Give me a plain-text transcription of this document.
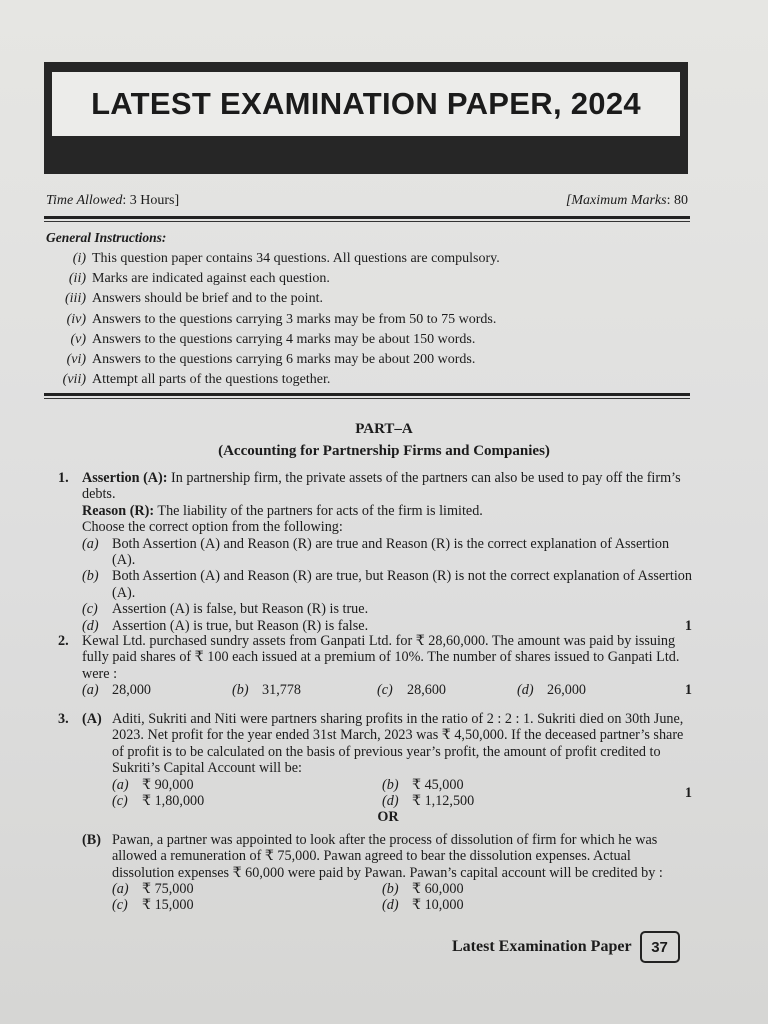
LATEST EXAMINATION PAPER, 2024
Time Allowed: 3 Hours]	[Maximum Marks: 80
General Instructions:
(i) This question paper contains 34 questions. All questions are compulsory.
(ii) Marks are indicated against each question.
(iii) Answers should be brief and to the point.
(iv) Answers to the questions carrying 3 marks may be from 50 to 75 words.
(v) Answers to the questions carrying 4 marks may be about 150 words.
(vi) Answers to the questions carrying 6 marks may be about 200 words.
(vii) Attempt all parts of the questions together.
PART–A
(Accounting for Partnership Firms and Companies)
1. Assertion (A): In partnership firm, the private assets of the partners can also be used to pay off the firm’s debts.
Reason (R): The liability of the partners for acts of the firm is limited.
Choose the correct option from the following:
(a) Both Assertion (A) and Reason (R) are true and Reason (R) is the correct explanation of Assertion (A).
(b) Both Assertion (A) and Reason (R) are true, but Reason (R) is not the correct explanation of Assertion (A).
(c)	Assertion (A) is false, but Reason (R) is true.
(d) Assertion (A) is true, but Reason (R) is false.	1
2. Kewal Ltd. purchased sundry assets from Ganpati Ltd. for ₹ 28,60,000. The amount was paid by issuing fully paid shares of ₹ 100 each issued at a premium of 10%. The number of shares issued to Ganpati Ltd. were :
(a) 28,000	(b) 31,778	(c) 28,600	(d) 26,000	1
3. (A) Aditi, Sukriti and Niti were partners sharing profits in the ratio of 2 : 2 : 1. Sukriti died on 30th June, 2023. Net profit for the year ended 31st March, 2023 was ₹ 4,50,000. If the deceased partner’s share of profit is to be calculated on the basis of previous year’s profit, the amount of profit credited to Sukriti’s Capital Account will be:
(a) ₹ 90,000	(b) ₹ 45,000
(c)	₹ 1,80,000	(d) ₹ 1,12,500
OR
(B) Pawan, a partner was appointed to look after the process of dissolution of firm for which he was allowed a remuneration of ₹ 75,000. Pawan agreed to bear the dissolution expenses. Actual dissolution expenses ₹ 60,000 were paid by Pawan. Pawan’s capital account will be credited by :
(a) ₹ 75,000	(b) ₹ 60,000
(c)	₹ 15,000	(d) ₹ 10,000
1
Latest Examination Paper	37
